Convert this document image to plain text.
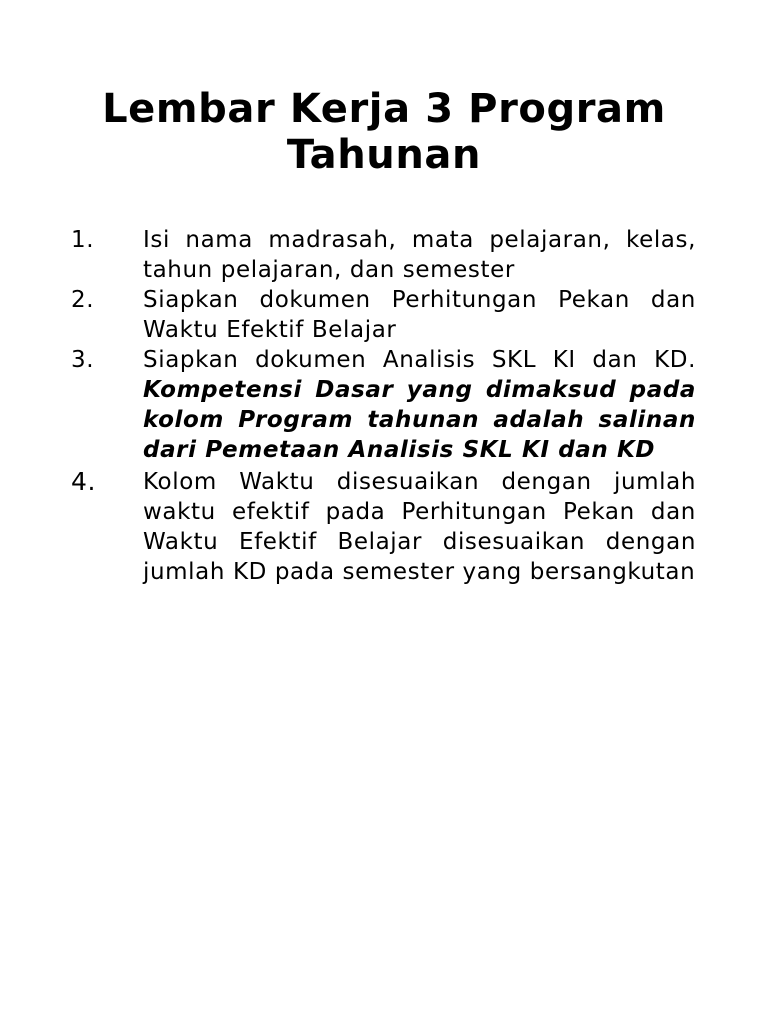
Lembar Kerja 3 Program Tahunan
1. Isi nama madrasah, mata pelajaran, kelas, tahun pelajaran, dan semester
2. Siapkan dokumen Perhitungan Pekan dan Waktu Efektif Belajar
3. Siapkan dokumen Analisis SKL KI dan KD. Kompetensi Dasar yang dimaksud pada kolom Program tahunan adalah salinan dari Pemetaan Analisis SKL KI dan KD
4. Kolom Waktu disesuaikan dengan jumlah waktu efektif pada Perhitungan Pekan dan Waktu Efektif Belajar disesuaikan dengan jumlah KD pada semester yang bersangkutan
